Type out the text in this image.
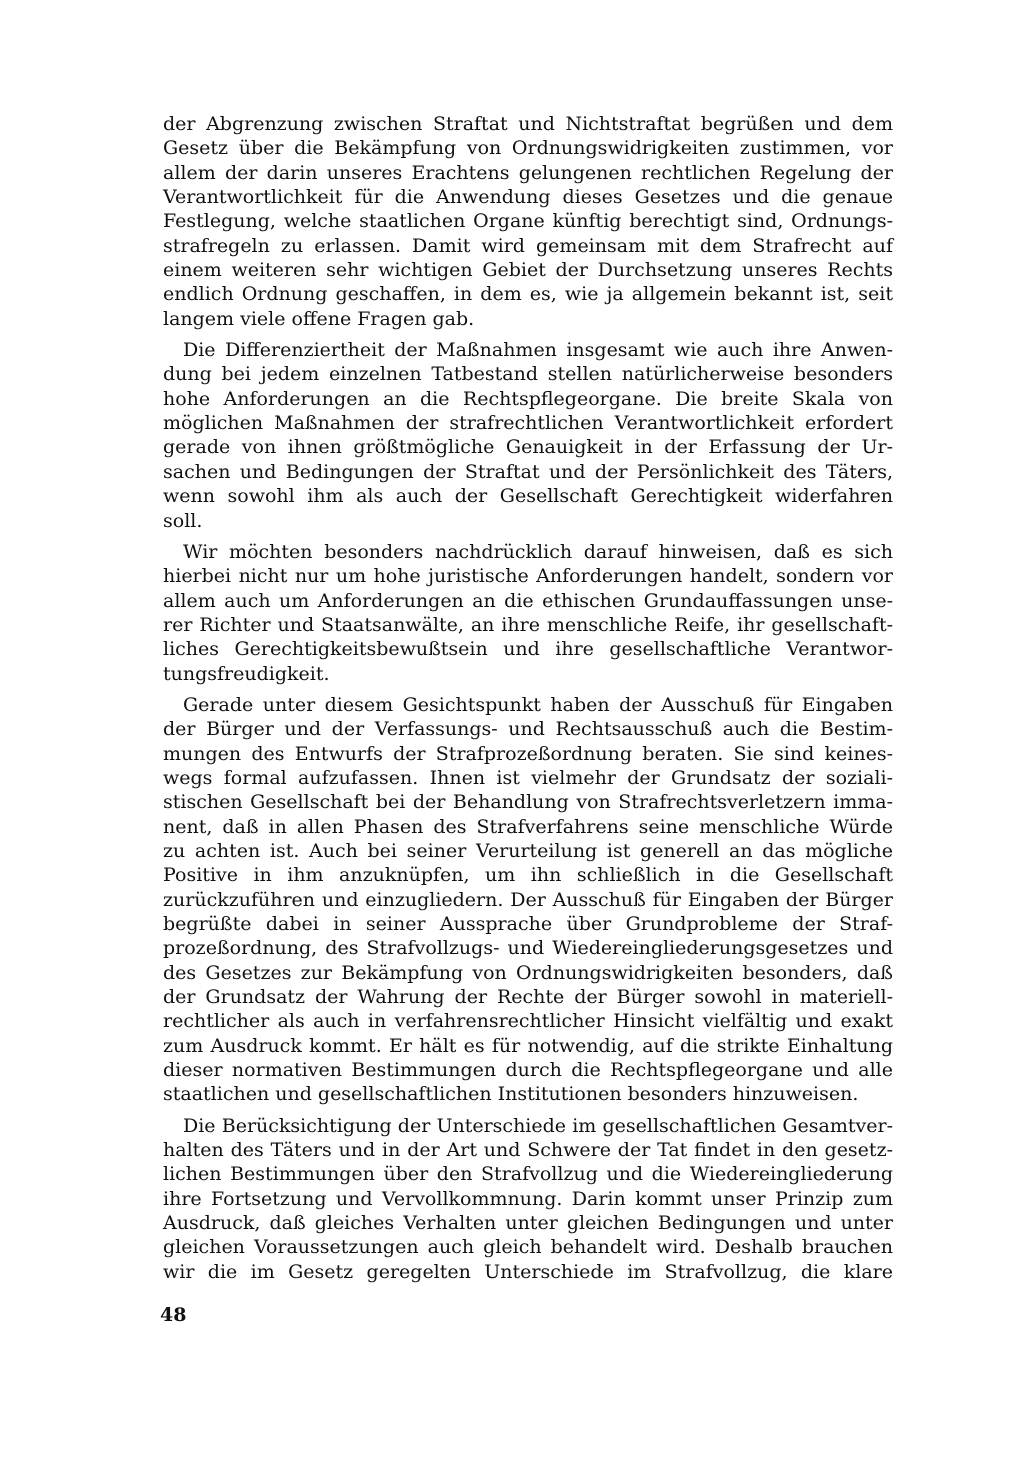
der Abgrenzung zwischen Straftat und Nichtstraftat begrüßen und dem
Gesetz über die Bekämpfung von Ordnungswidrigkeiten zustimmen, vor
allem der darin unseres Erachtens gelungenen rechtlichen Regelung der
Verantwortlichkeit für die Anwendung dieses Gesetzes und die genaue
Festlegung, welche staatlichen Organe künftig berechtigt sind, Ordnungs-
strafregeln zu erlassen. Damit wird gemeinsam mit dem Strafrecht auf
einem weiteren sehr wichtigen Gebiet der Durchsetzung unseres Rechts
endlich Ordnung geschaffen, in dem es, wie ja allgemein bekannt ist, seit
langem viele offene Fragen gab.
Die Differenziertheit der Maßnahmen insgesamt wie auch ihre Anwen-
dung bei jedem einzelnen Tatbestand stellen natürlicherweise besonders
hohe Anforderungen an die Rechtspflegeorgane. Die breite Skala von
möglichen Maßnahmen der strafrechtlichen Verantwortlichkeit erfordert
gerade von ihnen größtmögliche Genauigkeit in der Erfassung der Ur-
sachen und Bedingungen der Straftat und der Persönlichkeit des Täters,
wenn sowohl ihm als auch der Gesellschaft Gerechtigkeit widerfahren
soll.
Wir möchten besonders nachdrücklich darauf hinweisen, daß es sich
hierbei nicht nur um hohe juristische Anforderungen handelt, sondern vor
allem auch um Anforderungen an die ethischen Grundauffassungen unse-
rer Richter und Staatsanwälte, an ihre menschliche Reife, ihr gesellschaft-
liches Gerechtigkeitsbewußtsein und ihre gesellschaftliche Verantwor-
tungsfreudigkeit.
Gerade unter diesem Gesichtspunkt haben der Ausschuß für Eingaben
der Bürger und der Verfassungs- und Rechtsausschuß auch die Bestim-
mungen des Entwurfs der Strafprozeßordnung beraten. Sie sind keines-
wegs formal aufzufassen. Ihnen ist vielmehr der Grundsatz der soziali-
stischen Gesellschaft bei der Behandlung von Strafrechtsverletzern imma-
nent, daß in allen Phasen des Strafverfahrens seine menschliche Würde
zu achten ist. Auch bei seiner Verurteilung ist generell an das mögliche
Positive in ihm anzuknüpfen, um ihn schließlich in die Gesellschaft
zurückzuführen und einzugliedern. Der Ausschuß für Eingaben der Bürger
begrüßte dabei in seiner Aussprache über Grundprobleme der Straf-
prozeßordnung, des Strafvollzugs- und Wiedereingliederungsgesetzes und
des Gesetzes zur Bekämpfung von Ordnungswidrigkeiten besonders, daß
der Grundsatz der Wahrung der Rechte der Bürger sowohl in materiell-
rechtlicher als auch in verfahrensrechtlicher Hinsicht vielfältig und exakt
zum Ausdruck kommt. Er hält es für notwendig, auf die strikte Einhaltung
dieser normativen Bestimmungen durch die Rechtspflegeorgane und alle
staatlichen und gesellschaftlichen Institutionen besonders hinzuweisen.
Die Berücksichtigung der Unterschiede im gesellschaftlichen Gesamtver-
halten des Täters und in der Art und Schwere der Tat findet in den gesetz-
lichen Bestimmungen über den Strafvollzug und die Wiedereingliederung
ihre Fortsetzung und Vervollkommnung. Darin kommt unser Prinzip zum
Ausdruck, daß gleiches Verhalten unter gleichen Bedingungen und unter
gleichen Voraussetzungen auch gleich behandelt wird. Deshalb brauchen
wir die im Gesetz geregelten Unterschiede im Strafvollzug, die klare
48
